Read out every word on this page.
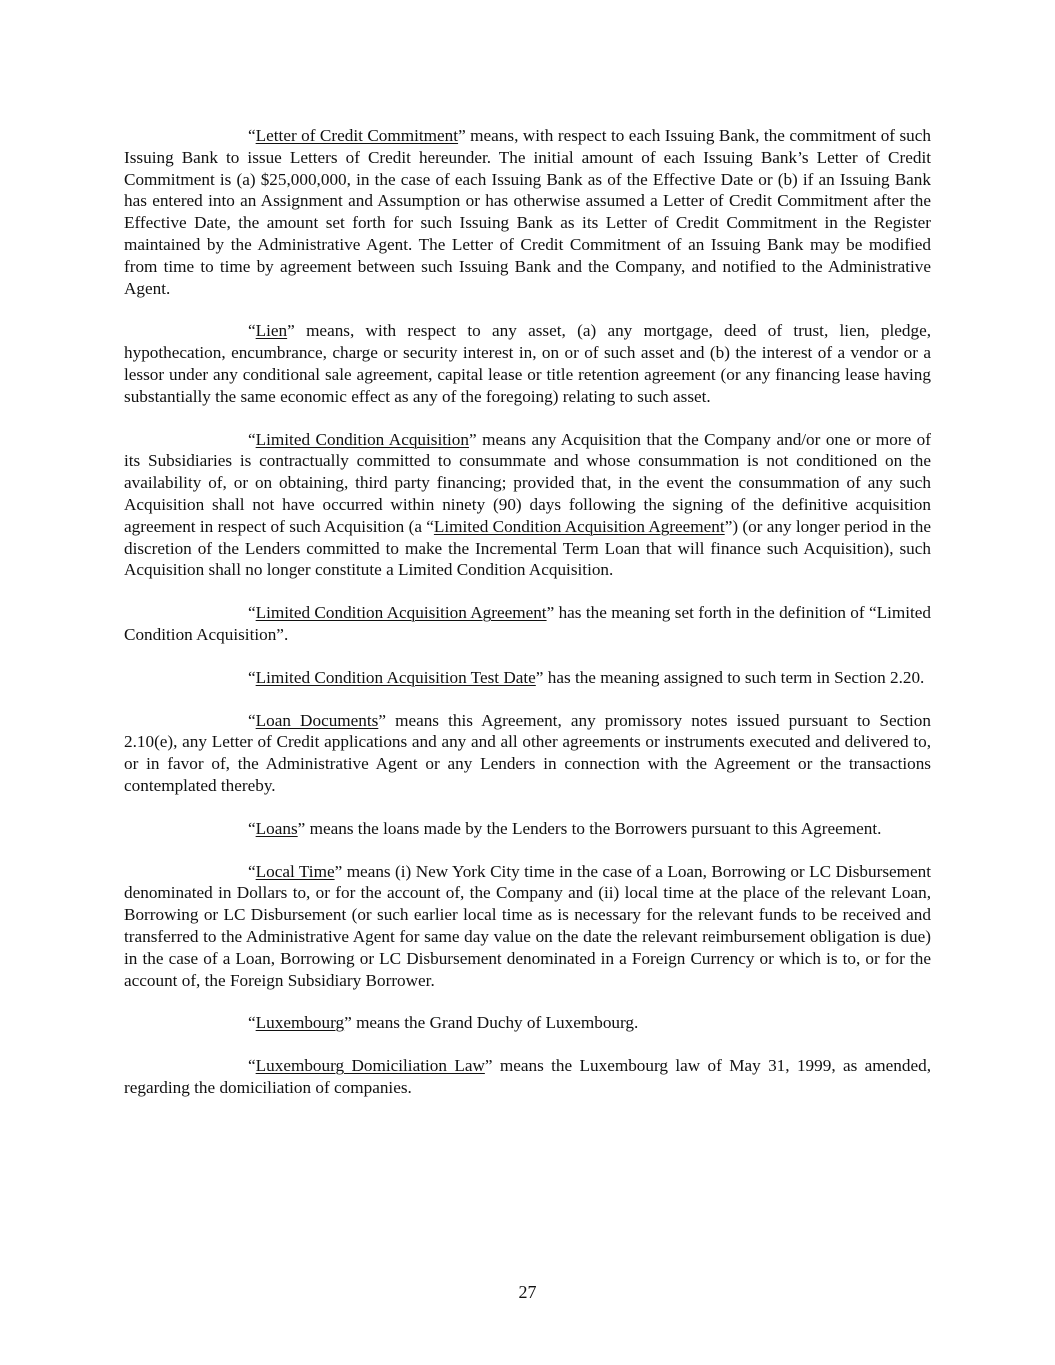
“Letter of Credit Commitment” means, with respect to each Issuing Bank, the commitment of such Issuing Bank to issue Letters of Credit hereunder. The initial amount of each Issuing Bank’s Letter of Credit Commitment is (a) $25,000,000, in the case of each Issuing Bank as of the Effective Date or (b) if an Issuing Bank has entered into an Assignment and Assumption or has otherwise assumed a Letter of Credit Commitment after the Effective Date, the amount set forth for such Issuing Bank as its Letter of Credit Commitment in the Register maintained by the Administrative Agent. The Letter of Credit Commitment of an Issuing Bank may be modified from time to time by agreement between such Issuing Bank and the Company, and notified to the Administrative Agent.

“Lien” means, with respect to any asset, (a) any mortgage, deed of trust, lien, pledge, hypothecation, encumbrance, charge or security interest in, on or of such asset and (b) the interest of a vendor or a lessor under any conditional sale agreement, capital lease or title retention agreement (or any financing lease having substantially the same economic effect as any of the foregoing) relating to such asset.

“Limited Condition Acquisition” means any Acquisition that the Company and/or one or more of its Subsidiaries is contractually committed to consummate and whose consummation is not conditioned on the availability of, or on obtaining, third party financing; provided that, in the event the consummation of any such Acquisition shall not have occurred within ninety (90) days following the signing of the definitive acquisition agreement in respect of such Acquisition (a “Limited Condition Acquisition Agreement”) (or any longer period in the discretion of the Lenders committed to make the Incremental Term Loan that will finance such Acquisition), such Acquisition shall no longer constitute a Limited Condition Acquisition.

“Limited Condition Acquisition Agreement” has the meaning set forth in the definition of “Limited Condition Acquisition”.

“Limited Condition Acquisition Test Date” has the meaning assigned to such term in Section 2.20.

“Loan Documents” means this Agreement, any promissory notes issued pursuant to Section 2.10(e), any Letter of Credit applications and any and all other agreements or instruments executed and delivered to, or in favor of, the Administrative Agent or any Lenders in connection with the Agreement or the transactions contemplated thereby.

“Loans” means the loans made by the Lenders to the Borrowers pursuant to this Agreement.

“Local Time” means (i) New York City time in the case of a Loan, Borrowing or LC Disbursement denominated in Dollars to, or for the account of, the Company and (ii) local time at the place of the relevant Loan, Borrowing or LC Disbursement (or such earlier local time as is necessary for the relevant funds to be received and transferred to the Administrative Agent for same day value on the date the relevant reimbursement obligation is due) in the case of a Loan, Borrowing or LC Disbursement denominated in a Foreign Currency or which is to, or for the account of, the Foreign Subsidiary Borrower.

“Luxembourg” means the Grand Duchy of Luxembourg.

“Luxembourg Domiciliation Law” means the Luxembourg law of May 31, 1999, as amended, regarding the domiciliation of companies.

27
